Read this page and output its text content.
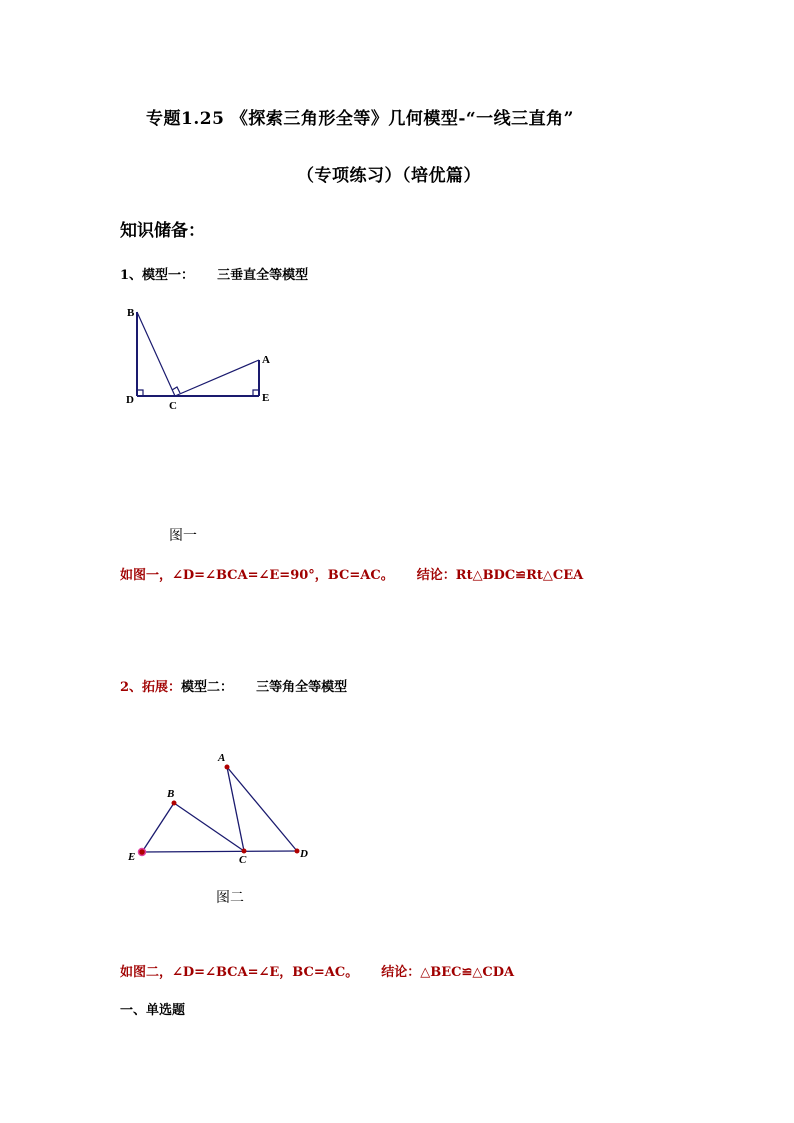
专题1.25 《探索三角形全等》几何模型-“一线三直角”
（专项练习）（培优篇）
知识储备：
1、模型一： 三垂直全等模型
B
A
D	C
E
图一
如图一，∠D=∠BCA=∠E=90°，BC=AC。 结论：Rt△BDC≌Rt△CEA
2、拓展：模型二： 三等角全等模型
A
B
E	C	D
图二
如图二，∠D=∠BCA=∠E，BC=AC。 结论：△BEC≌△CDA
一、单选题
